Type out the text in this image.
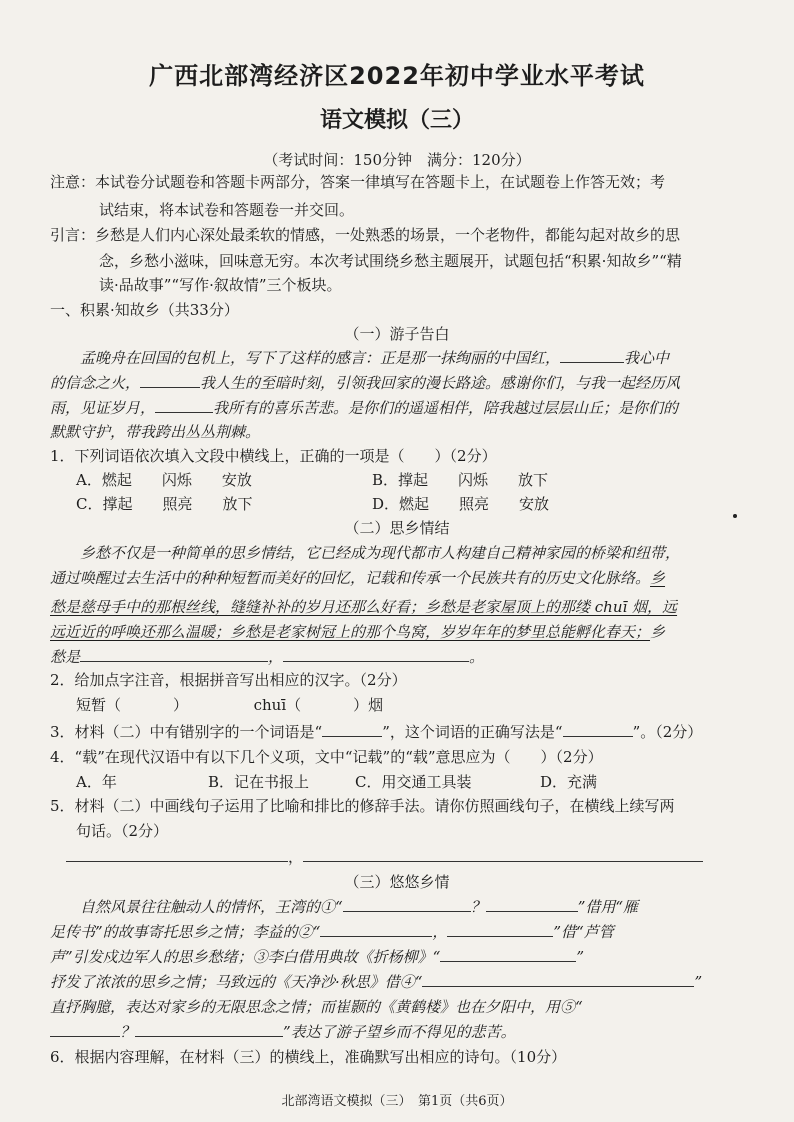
广西北部湾经济区2022年初中学业水平考试
语文模拟（三）
（考试时间：150分钟　满分：120分）
注意：本试卷分试题卷和答题卡两部分，答案一律填写在答题卡上，在试题卷上作答无效；考
试结束，将本试卷和答题卷一并交回。
引言：乡愁是人们内心深处最柔软的情感，一处熟悉的场景，一个老物件，都能勾起对故乡的思
念，乡愁小滋味，回味意无穷。本次考试围绕乡愁主题展开，试题包括“积累·知故乡”“精
读·品故事”“写作·叙故情”三个板块。
一、积累·知故乡（共33分）
（一）游子告白
孟晚舟在回国的包机上，写下了这样的感言：正是那一抹绚丽的中国红，	我心中
的信念之火，	我人生的至暗时刻，引领我回家的漫长路途。感谢你们，与我一起经历风
雨，见证岁月，	我所有的喜乐苦悲。是你们的遥遥相伴，陪我越过层层山丘；是你们的
默默守护，带我跨出丛丛荆棘。
1．下列词语依次填入文段中横线上，正确的一项是（　　）（2分）
A．燃起　　闪烁　　安放	B．撑起　　闪烁　　放下
C．撑起　　照亮　　放下	D．燃起　　照亮　　安放
（二）思乡情结
乡愁不仅是一种简单的思乡情结，它已经成为现代都市人构建自己精神家园的桥梁和纽带，
通过唤醒过去生活中的种种短暂而美好的回忆，记载和传承一个民族共有的历史文化脉络。乡
愁是慈母手中的那根丝线，缝缝补补的岁月还那么好看；乡愁是老家屋顶上的那缕 chuī 烟，远
远近近的呼唤还那么温暖；乡愁是老家树冠上的那个鸟窝，岁岁年年的梦里总能孵化春天；乡
愁是	，	。
2．给加点字注音，根据拼音写出相应的汉字。（2分）
短暂（	）	chuī（	）烟
3．材料（二）中有错别字的一个词语是“	”，这个词语的正确写法是“	”。（2分）
4．“载”在现代汉语中有以下几个义项，文中“记载”的“载”意思应为（　　）（2分）
A．年	B．记在书报上	C．用交通工具装	D．充满
5．材料（二）中画线句子运用了比喻和排比的修辞手法。请你仿照画线句子，在横线上续写两
句话。（2分）
，
（三）悠悠乡情
自然风景往往触动人的情怀，王湾的①“	？	”借用“雁
足传书”的故事寄托思乡之情；李益的②“	，	”借“芦管
声”引发戍边军人的思乡愁绪；③李白借用典故《折杨柳》“	”
抒发了浓浓的思乡之情；马致远的《天净沙·秋思》借④“	”
直抒胸臆，表达对家乡的无限思念之情；而崔颢的《黄鹤楼》也在夕阳中，用⑤“
？	”表达了游子望乡而不得见的悲苦。
6．根据内容理解，在材料（三）的横线上，准确默写出相应的诗句。（10分）
北部湾语文模拟（三）　第1页（共6页）
